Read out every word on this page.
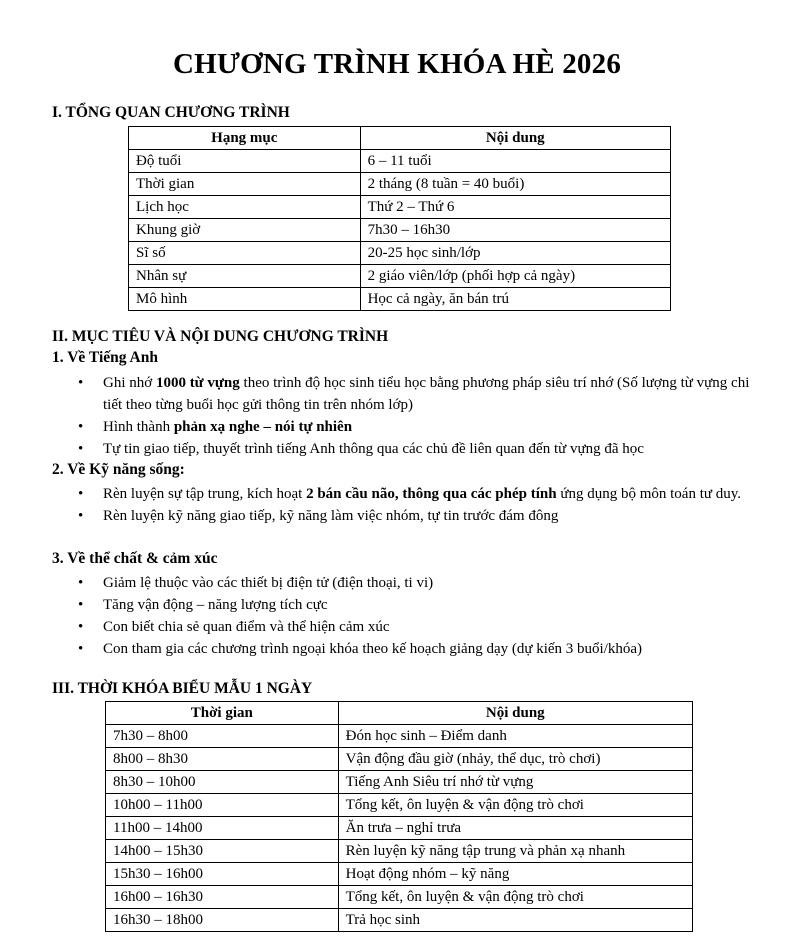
CHƯƠNG TRÌNH KHÓA HÈ 2026
I. TỔNG QUAN CHƯƠNG TRÌNH
Hạng mục	Nội dung
Độ tuổi	6 – 11 tuổi
Thời gian	2 tháng (8 tuần = 40 buổi)
Lịch học	Thứ 2 – Thứ 6
Khung giờ	7h30 – 16h30
Sĩ số	20-25 học sinh/lớp
Nhân sự	2 giáo viên/lớp (phối hợp cả ngày)
Mô hình	Học cả ngày, ăn bán trú
II. MỤC TIÊU VÀ NỘI DUNG CHƯƠNG TRÌNH
1. Về Tiếng Anh
• Ghi nhớ 1000 từ vựng theo trình độ học sinh tiểu học bằng phương pháp siêu trí nhớ (Số lượng từ vựng chi tiết theo từng buổi học gửi thông tin trên nhóm lớp)
• Hình thành phản xạ nghe – nói tự nhiên
• Tự tin giao tiếp, thuyết trình tiếng Anh thông qua các chủ đề liên quan đến từ vựng đã học
2. Về Kỹ năng sống:
• Rèn luyện sự tập trung, kích hoạt 2 bán cầu não, thông qua các phép tính ứng dụng bộ môn toán tư duy.
• Rèn luyện kỹ năng giao tiếp, kỹ năng làm việc nhóm, tự tin trước đám đông
3. Về thể chất & cảm xúc
• Giảm lệ thuộc vào các thiết bị điện tử (điện thoại, ti vi)
• Tăng vận động – năng lượng tích cực
• Con biết chia sẻ quan điểm và thể hiện cảm xúc
• Con tham gia các chương trình ngoại khóa theo kế hoạch giảng dạy (dự kiến 3 buổi/khóa)
III. THỜI KHÓA BIỂU MẪU 1 NGÀY
Thời gian	Nội dung
7h30 – 8h00	Đón học sinh – Điểm danh
8h00 – 8h30	Vận động đầu giờ (nhảy, thể dục, trò chơi)
8h30 – 10h00	Tiếng Anh Siêu trí nhớ từ vựng
10h00 – 11h00	Tổng kết, ôn luyện & vận động trò chơi
11h00 – 14h00	Ăn trưa – nghỉ trưa
14h00 – 15h30	Rèn luyện kỹ năng tập trung và phản xạ nhanh
15h30 – 16h00	Hoạt động nhóm – kỹ năng
16h00 – 16h30	Tổng kết, ôn luyện & vận động trò chơi
16h30 – 18h00	Trả học sinh
